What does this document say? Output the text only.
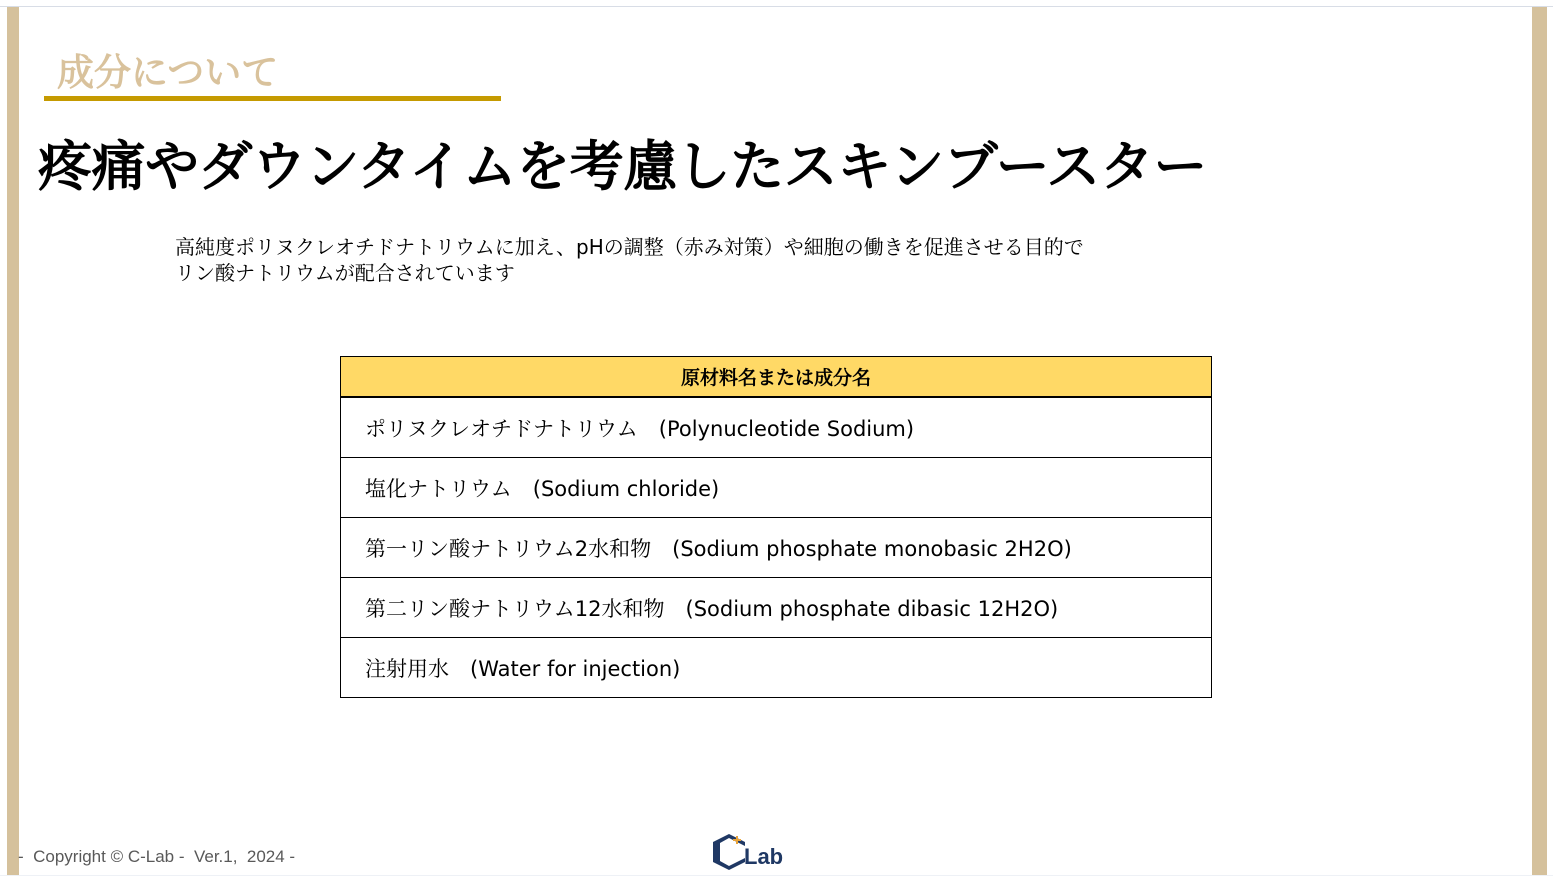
成分について
疼痛やダウンタイムを考慮したスキンブースター
高純度ポリヌクレオチドナトリウムに加え、pHの調整（赤み対策）や細胞の働きを促進させる目的で
リン酸ナトリウムが配合されています
原材料名または成分名
ポリヌクレオチドナトリウム　(Polynucleotide Sodium)
塩化ナトリウム　(Sodium chloride)
第一リン酸ナトリウム2水和物　(Sodium phosphate monobasic 2H2O)
第二リン酸ナトリウム12水和物　(Sodium phosphate dibasic 12H2O)
注射用水　(Water for injection)
-  Copyright © C-Lab -  Ver.1,  2024 -	Lab
